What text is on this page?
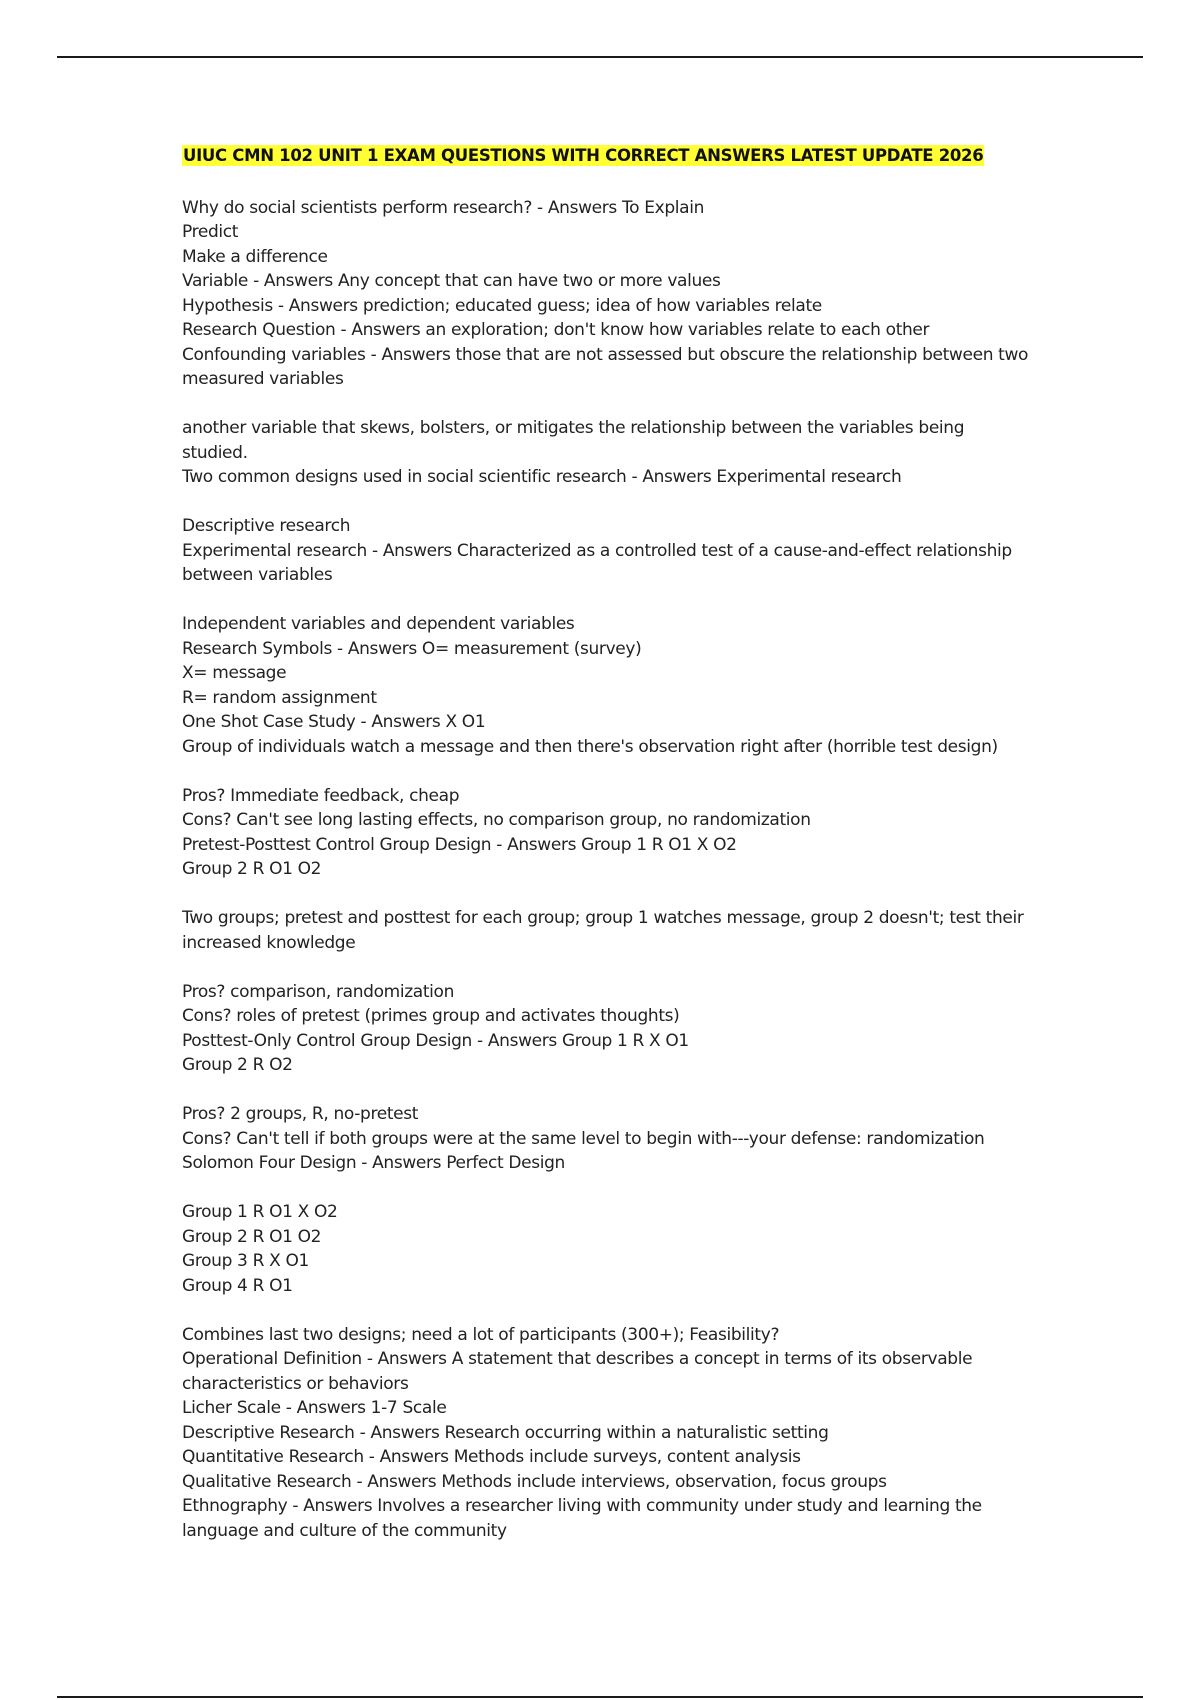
UIUC CMN 102 UNIT 1 EXAM QUESTIONS WITH CORRECT ANSWERS LATEST UPDATE 2026

Why do social scientists perform research? - Answers To Explain
Predict
Make a difference
Variable - Answers Any concept that can have two or more values
Hypothesis - Answers prediction; educated guess; idea of how variables relate
Research Question - Answers an exploration; don't know how variables relate to each other
Confounding variables - Answers those that are not assessed but obscure the relationship between two measured variables

another variable that skews, bolsters, or mitigates the relationship between the variables being studied.
Two common designs used in social scientific research - Answers Experimental research

Descriptive research
Experimental research - Answers Characterized as a controlled test of a cause-and-effect relationship between variables

Independent variables and dependent variables
Research Symbols - Answers O= measurement (survey)
X= message
R= random assignment
One Shot Case Study - Answers X O1
Group of individuals watch a message and then there's observation right after (horrible test design)

Pros? Immediate feedback, cheap
Cons? Can't see long lasting effects, no comparison group, no randomization
Pretest-Posttest Control Group Design - Answers Group 1 R O1 X O2
Group 2 R O1 O2

Two groups; pretest and posttest for each group; group 1 watches message, group 2 doesn't; test their increased knowledge

Pros? comparison, randomization
Cons? roles of pretest (primes group and activates thoughts)
Posttest-Only Control Group Design - Answers Group 1 R X O1
Group 2 R O2

Pros? 2 groups, R, no-pretest
Cons? Can't tell if both groups were at the same level to begin with---your defense: randomization
Solomon Four Design - Answers Perfect Design

Group 1 R O1 X O2
Group 2 R O1 O2
Group 3 R X O1
Group 4 R O1

Combines last two designs; need a lot of participants (300+); Feasibility?
Operational Definition - Answers A statement that describes a concept in terms of its observable characteristics or behaviors
Licher Scale - Answers 1-7 Scale
Descriptive Research - Answers Research occurring within a naturalistic setting
Quantitative Research - Answers Methods include surveys, content analysis
Qualitative Research - Answers Methods include interviews, observation, focus groups
Ethnography - Answers Involves a researcher living with community under study and learning the language and culture of the community
